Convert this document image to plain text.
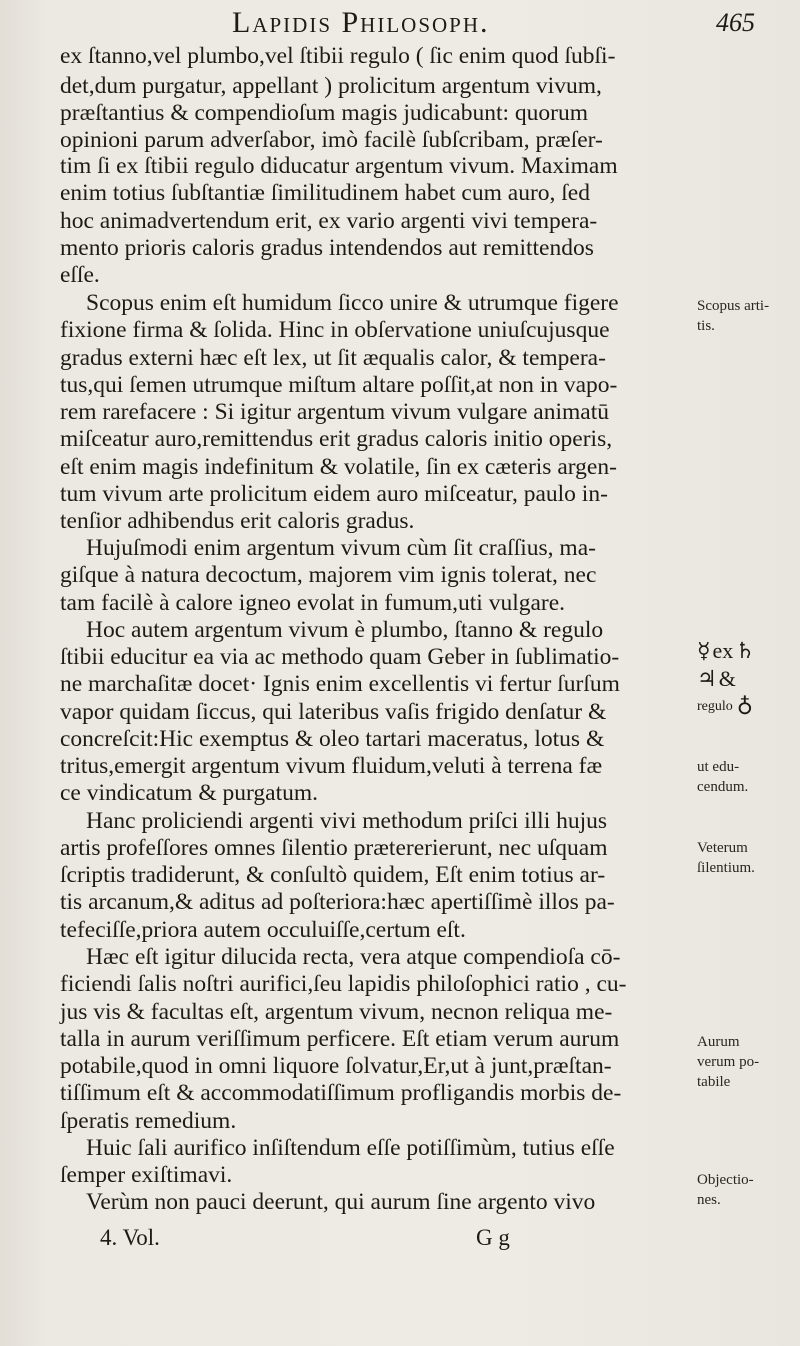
Lapidis Philosoph.	465
ex ſtanno,vel plumbo,vel ſtibii regulo ( ſic enim quod ſubſi-
det,dum purgatur, appellant ) prolicitum argentum vivum,
præſtantius & compendioſum magis judicabunt: quorum
opinioni parum adverſabor, imò facilè ſubſcribam, præſer-
tim ſi ex ſtibii regulo diducatur argentum vivum. Maximam
enim totius ſubſtantiæ ſimilitudinem habet cum auro, ſed
hoc animadvertendum erit, ex vario argenti vivi tempera-
mento prioris caloris gradus intendendos aut remittendos
eſſe.
Scopus enim eſt humidum ſicco unire & utrumque figere
fixione firma & ſolida. Hinc in obſervatione uniuſcujusque
gradus externi hæc eſt lex, ut ſit æqualis calor, & tempera-
tus,qui ſemen utrumque miſtum altare poſſit,at non in vapo-
rem rarefacere : Si igitur argentum vivum vulgare animatū
miſceatur auro,remittendus erit gradus caloris initio operis,
eſt enim magis indefinitum & volatile, ſin ex cæteris argen-
tum vivum arte prolicitum eidem auro miſceatur, paulo in-
tenſior adhibendus erit caloris gradus.
Hujuſmodi enim argentum vivum cùm ſit craſſius, ma-
giſque à natura decoctum, majorem vim ignis tolerat, nec
tam facilè à calore igneo evolat in fumum,uti vulgare.
Hoc autem argentum vivum è plumbo, ſtanno & regulo
ſtibii educitur ea via ac methodo quam Geber in ſublimatio-
ne marchaſitæ docet· Ignis enim excellentis vi fertur ſurſum
vapor quidam ſiccus, qui lateribus vaſis frigido denſatur &
concreſcit:Hic exemptus & oleo tartari maceratus, lotus &
tritus,emergit argentum vivum fluidum,veluti à terrena fæ
ce vindicatum & purgatum.
Hanc proliciendi argenti vivi methodum priſci illi hujus
artis profeſſores omnes ſilentio prætererierunt, nec uſquam
ſcriptis tradiderunt, & conſultò quidem, Eſt enim totius ar-
tis arcanum,& aditus ad poſteriora:hæc apertiſſimè illos pa-
tefeciſſe,priora autem occuluiſſe,certum eſt.
Hæc eſt igitur dilucida recta, vera atque compendioſa cō-
ficiendi ſalis noſtri aurifici,ſeu lapidis philoſophici ratio , cu-
jus vis & facultas eſt, argentum vivum, necnon reliqua me-
talla in aurum veriſſimum perficere. Eſt etiam verum aurum
potabile,quod in omni liquore ſolvatur,Er,ut à junt,præſtan-
tiſſimum eſt & accommodatiſſimum profligandis morbis de-
ſperatis remedium.
Huic ſali aurifico inſiſtendum eſſe potiſſimùm, tutius eſſe
ſemper exiſtimavi.
Verùm non pauci deerunt, qui aurum ſine argento vivo
Scopus arti-
tis.
☿ ex ♄
♃ &
regulo ♁
ut edu-
cendum.
Veterum
ſilentium.
Aurum
verum po-
tabile
Objectio-
nes.
4. Vol.	G g
